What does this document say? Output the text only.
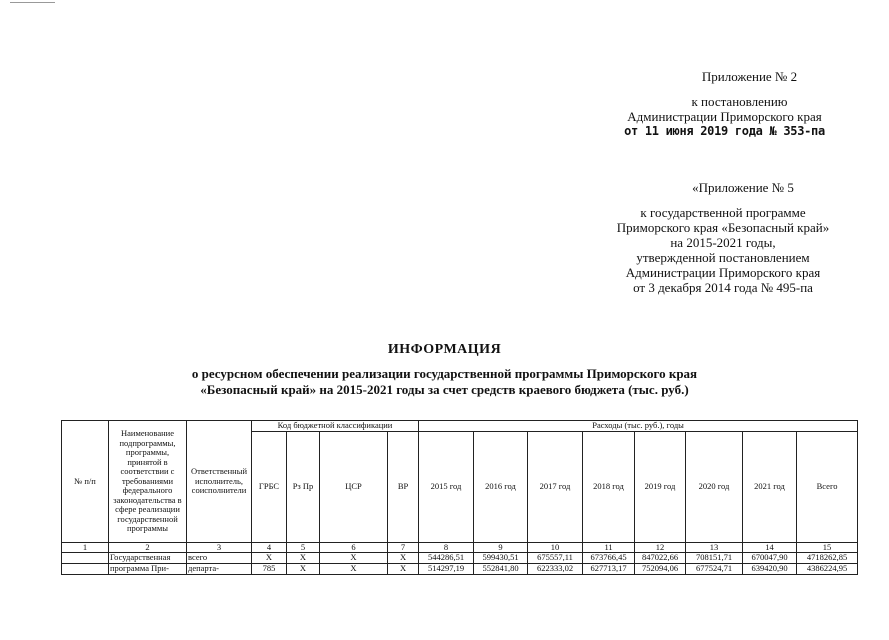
Приложение № 2
к постановлению
Администрации Приморского края
от 11 июня 2019 года № 353-па
«Приложение № 5
к государственной программе
Приморского края «Безопасный край»
на 2015-2021 годы,
утвержденной постановлением
Администрации Приморского края
от 3 декабря 2014 года № 495-па
ИНФОРМАЦИЯ
о ресурсном обеспечении реализации государственной программы Приморского края
«Безопасный край» на 2015-2021 годы за счет средств краевого бюджета (тыс. руб.)
№ п/п	Наименование подпрограммы, программы, принятой в соответствии с требованиями федерального законодательства в сфере реализации государственной программы	Ответственный исполнитель, соисполнители	Код бюджетной классификации				Расходы (тыс. руб.), годы							
			ГРБС	Рз Пр	ЦСР	ВР	2015 год	2016 год	2017 год	2018 год	2019 год	2020 год	2021 год	Всего
1	2	3	4	5	6	7	8	9	10	11	12	13	14	15
	Государственная	всего	X	X	X	X	544286,51	599430,51	675557,11	673766,45	847022,66	708151,71	670047,90	4718262,85
	программа При-	департа-	785	X	X	X	514297,19	552841,80	622333,02	627713,17	752094,06	677524,71	639420,90	4386224,95
